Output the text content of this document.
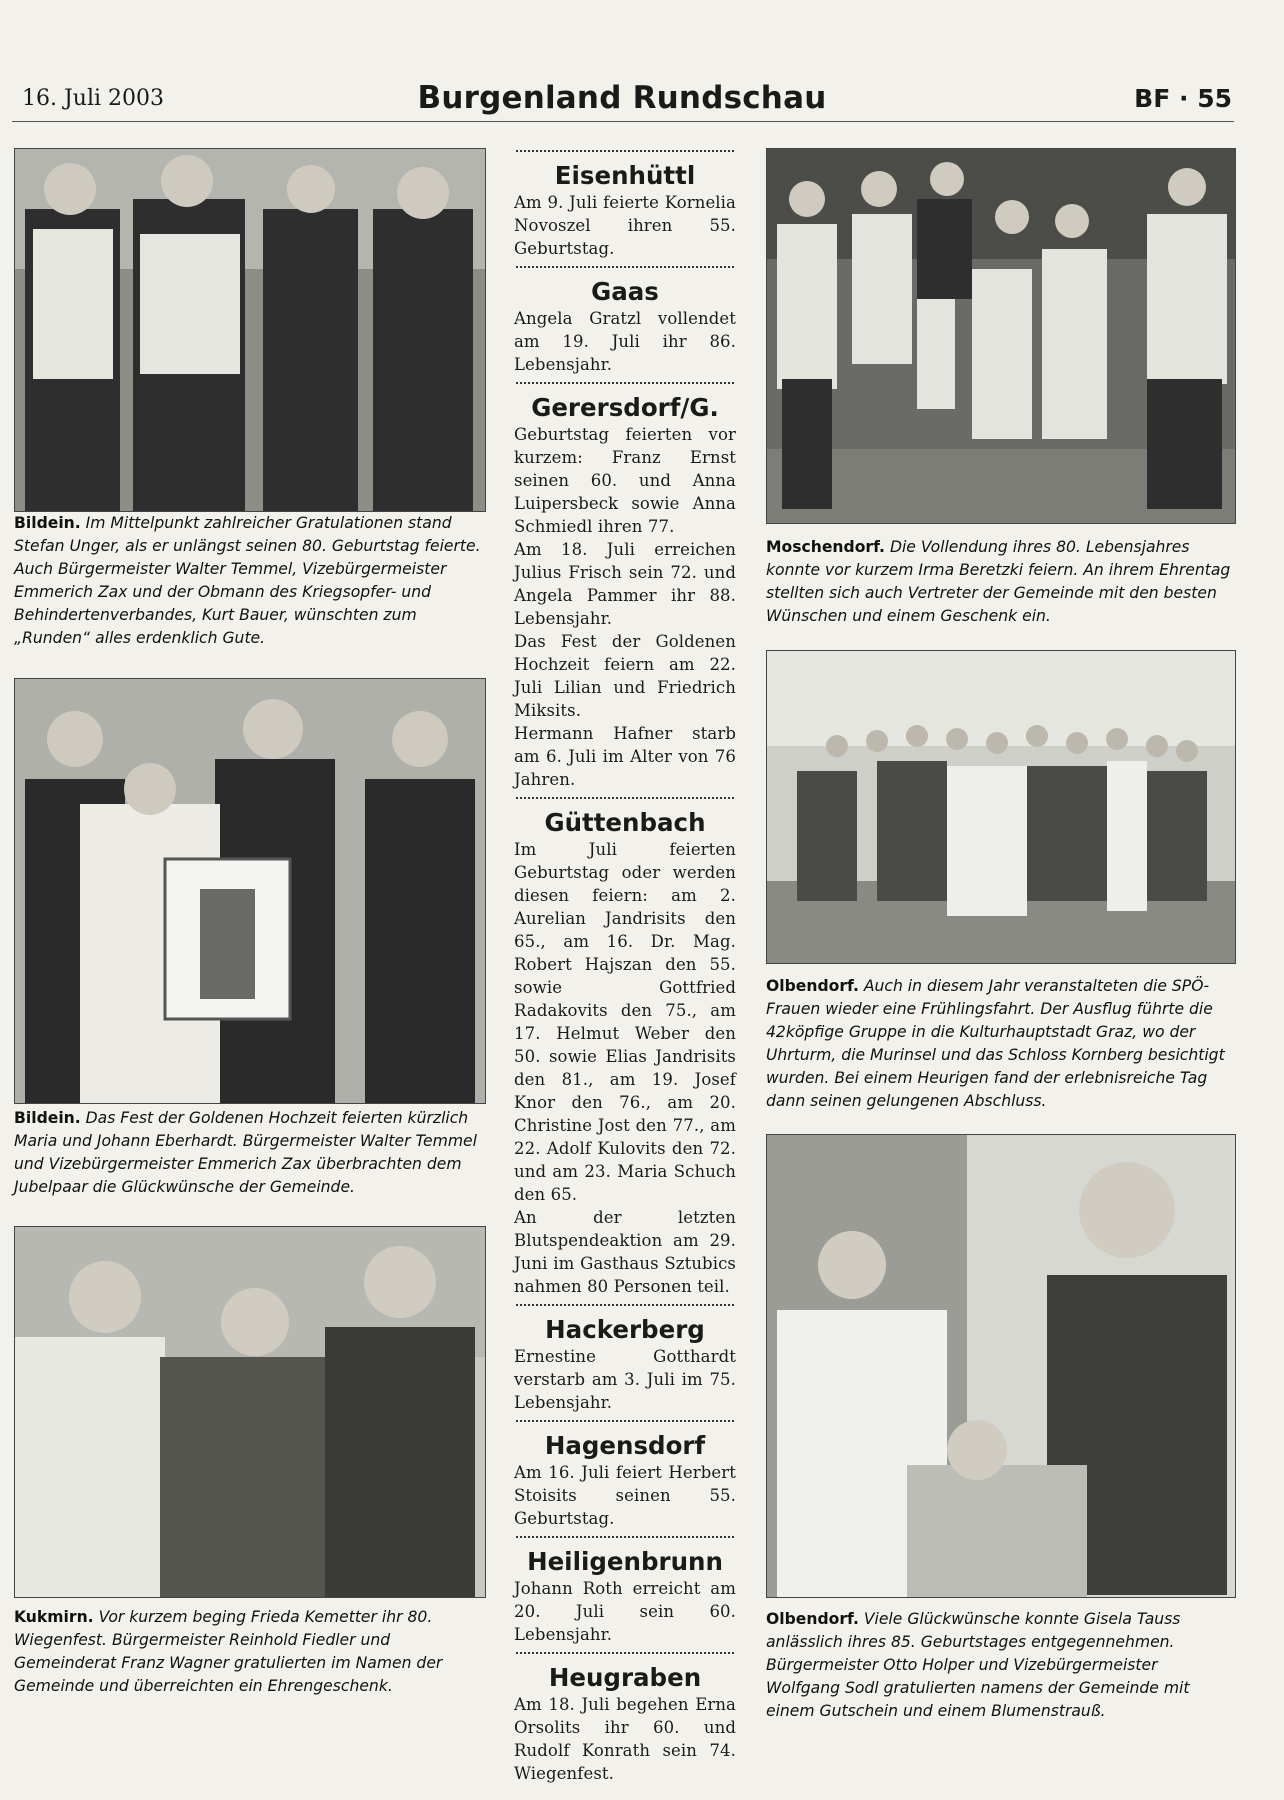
16. Juli 2003	Burgenland Rundschau	BF · 55
Bildein. Im Mittelpunkt zahlreicher Gratulationen stand Stefan Unger, als er unlängst seinen 80. Geburtstag feierte. Auch Bürgermeister Walter Temmel, Vizebürgermeister Emmerich Zax und der Obmann des Kriegsopfer- und Behindertenverbandes, Kurt Bauer, wünschten zum „Runden“ alles erdenklich Gute.
Bildein. Das Fest der Goldenen Hochzeit feierten kürzlich Maria und Johann Eberhardt. Bürgermeister Walter Temmel und Vizebürgermeister Emmerich Zax überbrachten dem Jubelpaar die Glückwünsche der Gemeinde.
Kukmirn. Vor kurzem beging Frieda Kemetter ihr 80. Wiegenfest. Bürgermeister Reinhold Fiedler und Gemeinderat Franz Wagner gratulierten im Namen der Gemeinde und überreichten ein Ehrengeschenk.
Eisenhüttl

Am 9. Juli feierte Kornelia Novoszel ihren 55. Geburtstag.

Gaas

Angela Gratzl vollendet am 19. Juli ihr 86. Lebensjahr.

Gerersdorf/G.

Geburtstag feierten vor kurzem: Franz Ernst seinen 60. und Anna Luipersbeck sowie Anna Schmiedl ihren 77.

Am 18. Juli erreichen Julius Frisch sein 72. und Angela Pammer ihr 88. Lebensjahr.

Das Fest der Goldenen Hochzeit feiern am 22. Juli Lilian und Friedrich Miksits.

Hermann Hafner starb am 6. Juli im Alter von 76 Jahren.

Güttenbach

Im Juli feierten Geburtstag oder werden diesen feiern: am 2. Aurelian Jandrisits den 65., am 16. Dr. Mag. Robert Hajszan den 55. sowie Gottfried Radakovits den 75., am 17. Helmut Weber den 50. sowie Elias Jandrisits den 81., am 19. Josef Knor den 76., am 20. Christine Jost den 77., am 22. Adolf Kulovits den 72. und am 23. Maria Schuch den 65.

An der letzten Blutspendeaktion am 29. Juni im Gasthaus Sztubics nahmen 80 Personen teil.

Hackerberg

Ernestine Gotthardt verstarb am 3. Juli im 75. Lebensjahr.

Hagensdorf

Am 16. Juli feiert Herbert Stoisits seinen 55. Geburtstag.

Heiligenbrunn

Johann Roth erreicht am 20. Juli sein 60. Lebensjahr.

Heugraben

Am 18. Juli begehen Erna Orsolits ihr 60. und Rudolf Konrath sein 74. Wiegenfest.

Moschendorf. Die Vollendung ihres 80. Lebensjahres konnte vor kurzem Irma Beretzki feiern. An ihrem Ehrentag stellten sich auch Vertreter der Gemeinde mit den besten Wünschen und einem Geschenk ein.
Olbendorf. Auch in diesem Jahr veranstalteten die SPÖ-Frauen wieder eine Frühlingsfahrt. Der Ausflug führte die 42köpfige Gruppe in die Kulturhauptstadt Graz, wo der Uhrturm, die Murinsel und das Schloss Kornberg besichtigt wurden. Bei einem Heurigen fand der erlebnisreiche Tag dann seinen gelungenen Abschluss.
Olbendorf. Viele Glückwünsche konnte Gisela Tauss anlässlich ihres 85. Geburtstages entgegennehmen. Bürgermeister Otto Holper und Vizebürgermeister Wolfgang Sodl gratulierten namens der Gemeinde mit einem Gutschein und einem Blumenstrauß.
